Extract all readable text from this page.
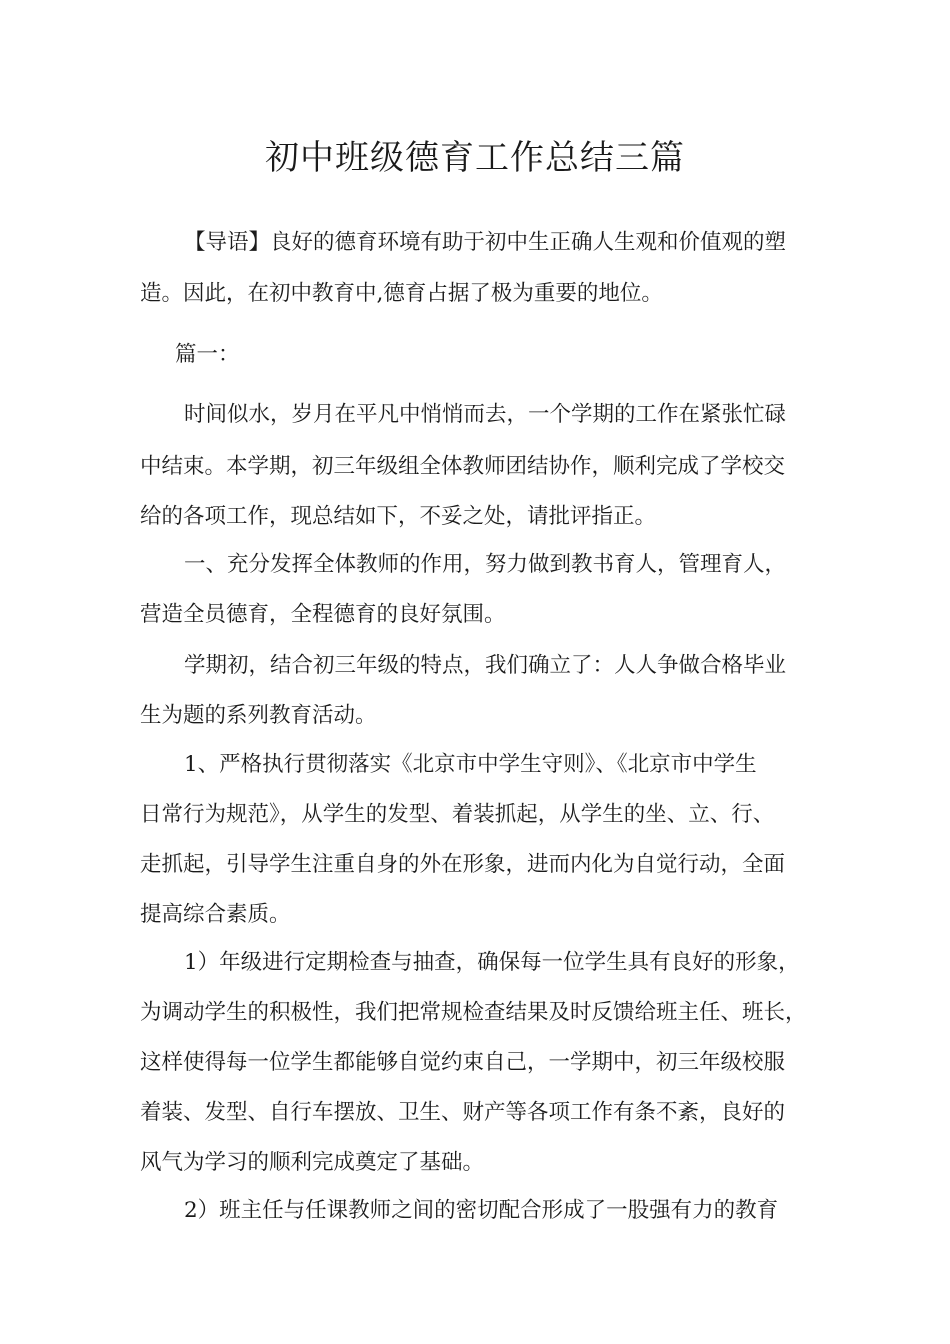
初中班级德育工作总结三篇
【导语】良好的德育环境有助于初中生正确人生观和价值观的塑
造。因此，在初中教育中,德育占据了极为重要的地位。
篇一：
时间似水，岁月在平凡中悄悄而去，一个学期的工作在紧张忙碌
中结束。本学期，初三年级组全体教师团结协作，顺利完成了学校交
给的各项工作，现总结如下，不妥之处，请批评指正。
一、充分发挥全体教师的作用，努力做到教书育人，管理育人，
营造全员德育，全程德育的良好氛围。
学期初，结合初三年级的特点，我们确立了：人人争做合格毕业
生为题的系列教育活动。
1、严格执行贯彻落实《北京市中学生守则》、《北京市中学生
日常行为规范》，从学生的发型、着装抓起，从学生的坐、立、行、
走抓起，引导学生注重自身的外在形象，进而内化为自觉行动，全面
提高综合素质。
1）年级进行定期检查与抽查，确保每一位学生具有良好的形象，
为调动学生的积极性，我们把常规检查结果及时反馈给班主任、班长，
这样使得每一位学生都能够自觉约束自己，一学期中，初三年级校服
着装、发型、自行车摆放、卫生、财产等各项工作有条不紊，良好的
风气为学习的顺利完成奠定了基础。
2）班主任与任课教师之间的密切配合形成了一股强有力的教育
